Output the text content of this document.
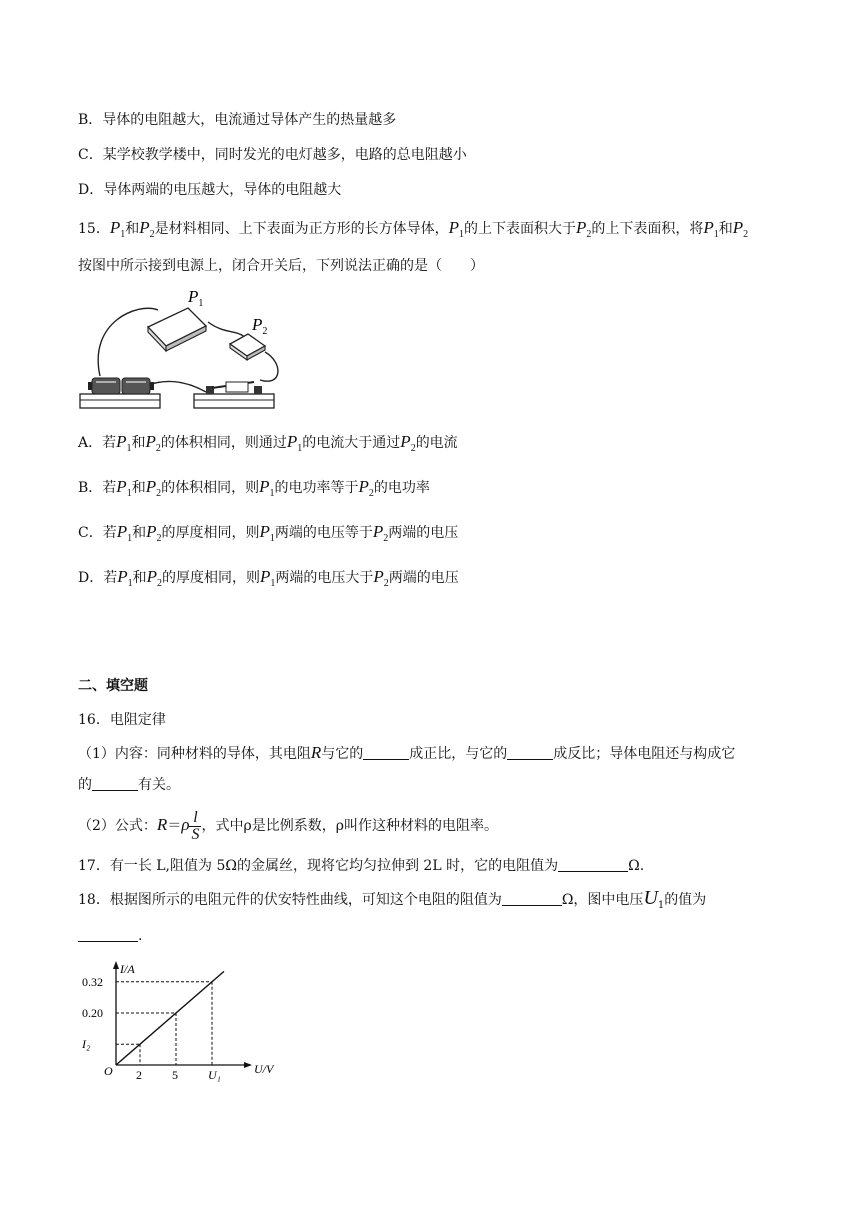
B．导体的电阻越大，电流通过导体产生的热量越多
C．某学校教学楼中，同时发光的电灯越多，电路的总电阻越小
D．导体两端的电压越大，导体的电阻越大
15．$P_1$和$P_2$是材料相同、上下表面为正方形的长方体导体，$P_1$的上下表面积大于$P_2$的上下表面积，将$P_1$和$P_2$
按图中所示接到电源上，闭合开关后，下列说法正确的是（　　）
$P_1$
$P_2$
A．若$P_1$和$P_2$的体积相同，则通过$P_1$的电流大于通过$P_2$的电流
B．若$P_1$和$P_2$的体积相同，则$P_1$的电功率等于$P_2$的电功率
C．若$P_1$和$P_2$的厚度相同，则$P_1$两端的电压等于$P_2$两端的电压
D．若$P_1$和$P_2$的厚度相同，则$P_1$两端的电压大于$P_2$两端的电压
二、填空题
16．电阻定律
（1）内容：同种材料的导体，其电阻R与它的	成正比，与它的	成反比；导体电阻还与构成它
的	有关。
（2）公式：$R=\rho \frac{l}{S}$ ，式中ρ是比例系数，ρ叫作这种材料的电阻率。
17．有一长 L,阻值为 5Ω的金属丝，现将它均匀拉伸到 2L 时，它的电阻值为	Ω.
18．根据图所示的电阻元件的伏安特性曲线，可知这个电阻的阻值为	Ω，图中电压$U_1$的值为
.
I/A
U/V
O 2
I₂
5
0.20
U₁
0.32
